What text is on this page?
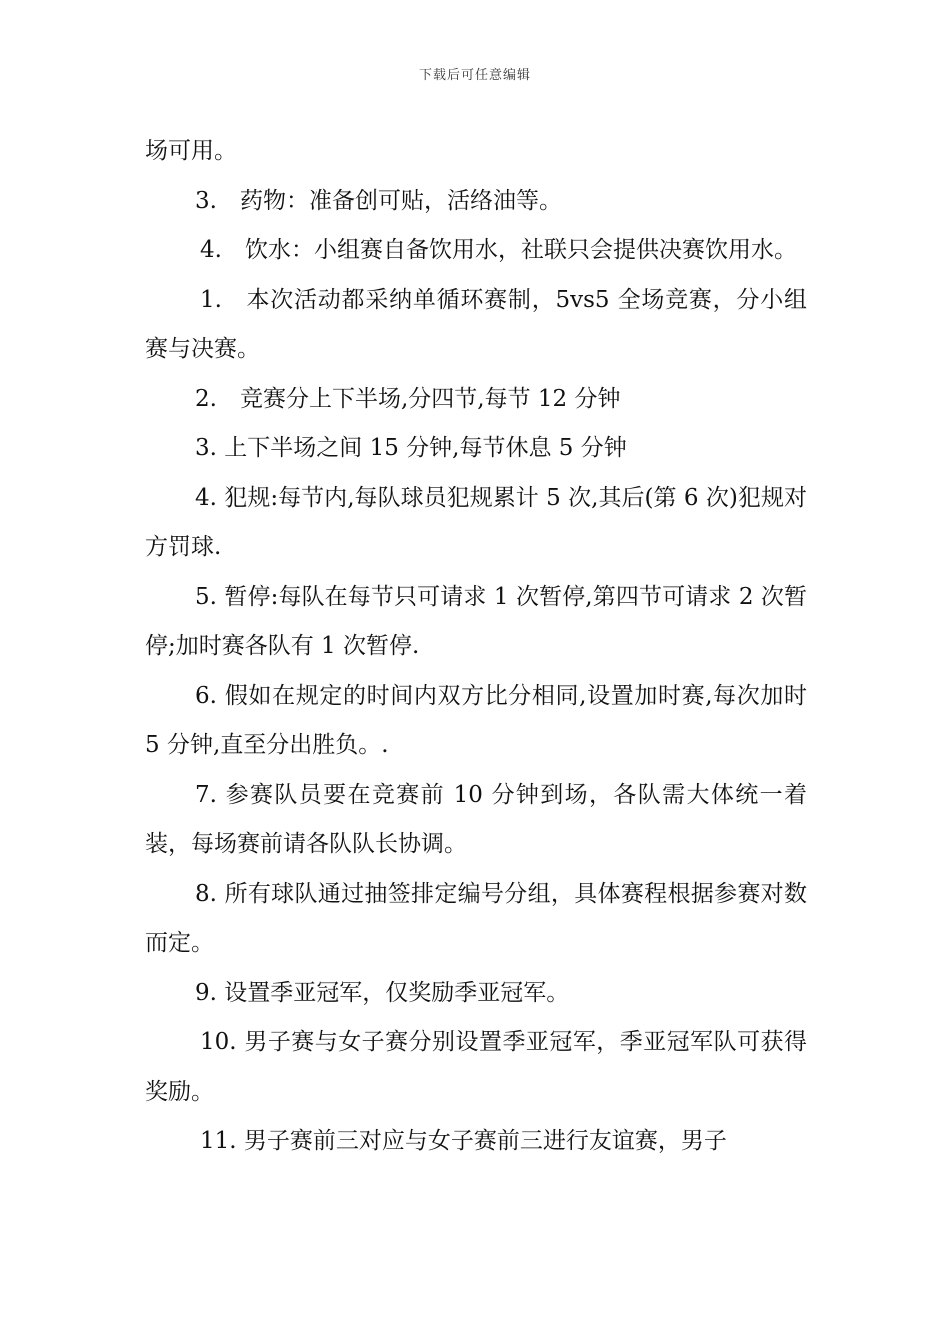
下载后可任意编辑

场可用。

3.　药物：准备创可贴，活络油等。

4.　饮水：小组赛自备饮用水，社联只会提供决赛饮用水。

1.　本次活动都采纳单循环赛制，5vs5 全场竞赛，分小组赛与决赛。

2.　竞赛分上下半场,分四节,每节 12 分钟

3. 上下半场之间 15 分钟,每节休息 5 分钟

4. 犯规:每节内,每队球员犯规累计 5 次,其后(第 6 次)犯规对方罚球.

5. 暂停:每队在每节只可请求 1 次暂停,第四节可请求 2 次暂停;加时赛各队有 1 次暂停.

6. 假如在规定的时间内双方比分相同,设置加时赛,每次加时 5 分钟,直至分出胜负。.

7. 参赛队员要在竞赛前 10 分钟到场，各队需大体统一着装，每场赛前请各队队长协调。

8. 所有球队通过抽签排定编号分组，具体赛程根据参赛对数而定。

9. 设置季亚冠军，仅奖励季亚冠军。

10. 男子赛与女子赛分别设置季亚冠军，季亚冠军队可获得奖励。

11. 男子赛前三对应与女子赛前三进行友谊赛，男子
